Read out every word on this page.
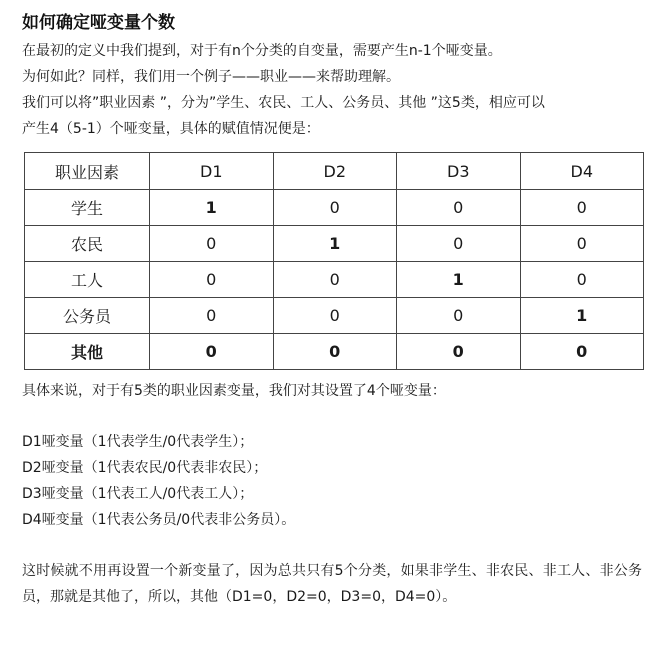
如何确定哑变量个数
在最初的定义中我们提到，对于有n个分类的自变量，需要产生n-1个哑变量。
为何如此？同样，我们用一个例子——职业——来帮助理解。
我们可以将”职业因素 ”，分为”学生、农民、工人、公务员、其他 ”这5类，相应可以
产生4（5-1）个哑变量，具体的赋值情况便是：
职业因素	D1	D2	D3	D4
学生	1	0	0	0
农民	0	1	0	0
工人	0	0	1	0
公务员	0	0	0	1
其他	0	0	0	0
具体来说，对于有5类的职业因素变量，我们对其设置了4个哑变量：
D1哑变量（1代表学生/0代表学生）；
D2哑变量（1代表农民/0代表非农民）；
D3哑变量（1代表工人/0代表工人）；
D4哑变量（1代表公务员/0代表非公务员）。
这时候就不用再设置一个新变量了，因为总共只有5个分类，如果非学生、非农民、非工人、非公务员，那就是其他了，所以，其他（D1=0，D2=0，D3=0，D4=0）。
